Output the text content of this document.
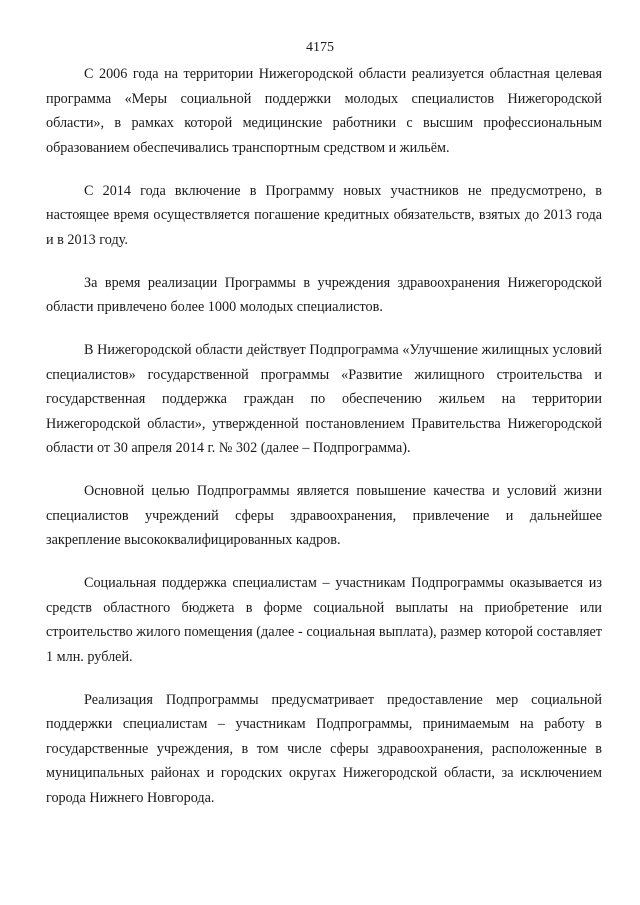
4175

С 2006 года на территории Нижегородской области реализуется областная целевая программа «Меры социальной поддержки молодых специалистов Нижегородской области», в рамках которой медицинские работники с высшим профессиональным образованием обеспечивались транспортным средством и жильём.

С 2014 года включение в Программу новых участников не предусмотрено, в настоящее время осуществляется погашение кредитных обязательств, взятых до 2013 года и в 2013 году.

За время реализации Программы в учреждения здравоохранения Нижегородской области привлечено более 1000 молодых специалистов.

В Нижегородской области действует Подпрограмма «Улучшение жилищных условий специалистов» государственной программы «Развитие жилищного строительства и государственная поддержка граждан по обеспечению жильем на территории Нижегородской области», утвержденной постановлением Правительства Нижегородской области от 30 апреля 2014 г. № 302 (далее – Подпрограмма).

Основной целью Подпрограммы является повышение качества и условий жизни специалистов учреждений сферы здравоохранения, привлечение и дальнейшее закрепление высококвалифицированных кадров.

Социальная поддержка специалистам – участникам Подпрограммы оказывается из средств областного бюджета в форме социальной выплаты на приобретение или строительство жилого помещения (далее - социальная выплата), размер которой составляет 1 млн. рублей.

Реализация Подпрограммы предусматривает предоставление мер социальной поддержки специалистам – участникам Подпрограммы, принимаемым на работу в государственные учреждения, в том числе сферы здравоохранения, расположенные в муниципальных районах и городских округах Нижегородской области, за исключением города Нижнего Новгорода.
